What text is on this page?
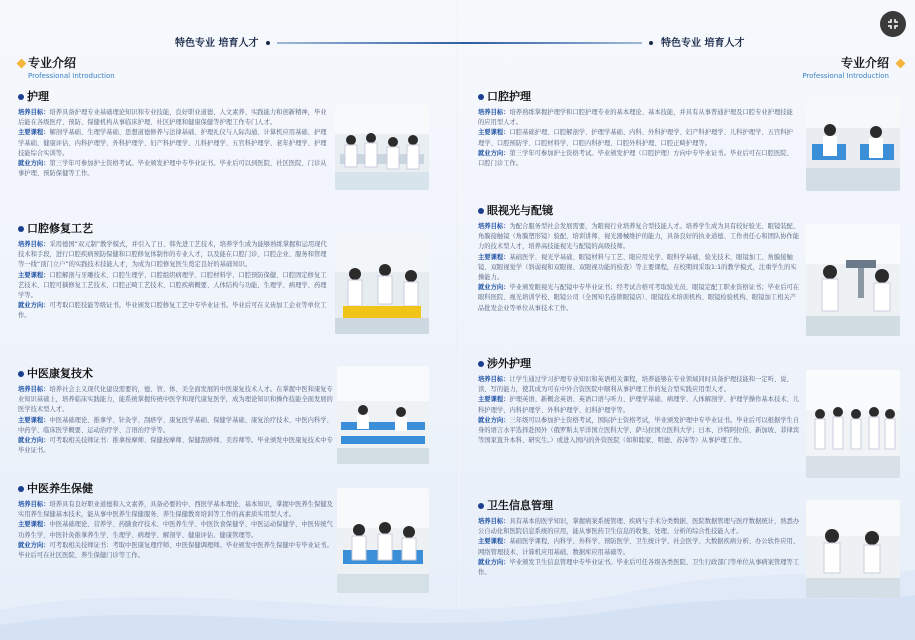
特色专业 培育人才	特色专业 培育人才
专业介绍
Professional Introduction
专业介绍
Professional Introduction
护理

培养目标：培养具备护理专业基础理论知识和专业技能，良好职业道德、人文素养、实践能力和创新精神，毕业后能在各级医疗、预防、保健机构从事临床护理、社区护理和健康保健等护理工作专门人才。

主要课程：解剖学基础、生理学基础、思想道德修养与法律基础、护理礼仪与人际沟通、计算机应用基础、护理学基础、健康评估、内科护理学、外科护理学、妇产科护理学、儿科护理学、五官科护理学、老年护理学、护理技能综合实训等。

就业方向：第三学年可参加护士资格考试。毕业颁发护理中专毕业证书。毕业后可以到医院、社区医院、门诊从事护理、预防保健等工作。

口腔修复工艺

培养目标：采用德国“双元制”教学模式，并引入了日、韩先进工艺技术，培养学生成为能够熟练掌握和运用现代技术和手段，进行口腔疾病预防保健和口腔修复体制作的专业人才，以及能在口腔门诊、口腔企业、服务和管理等一线“顶门立户”的实践技术技能人才，为成为口腔修复医生奠定良好的基础知识。

主要课程：口腔解剖与牙雕技术、口腔生理学、口腔组织病理学、口腔材料学、口腔预防保健、口腔固定修复工艺技术、口腔可摘修复工艺技术、口腔正畸工艺技术、口腔疾病概要、人体结构与功能、生理学、病理学、药理学等。

就业方向：可考取口腔技能等级证书。毕业颁发口腔修复工艺中专毕业证书。毕业后可在义齿加工企业等单位工作。

中医康复技术

培养目标：培养社会主义现代化建设需要的，德、智、体、美全面发展的中医康复技术人才。在掌握中医和康复专业知识基础上，培养临床实践能力，能系统掌握传统中医学和现代康复医学，成为理论知识和操作技能全面发展的医学技术型人才。

主要课程：中医基础理论、推拿学、针灸学、刮痧学、康复医学基础、保健学基础、康复治疗技术、中医内科学、中药学、临床医学概要、运动治疗学、言语治疗学等。

就业方向：可考取相关技师证书：推拿按摩师、保健按摩师、保健刮痧师、美容师等。毕业颁发中医康复技术中专毕业证书。

中医养生保健

培养目标：培养具有良好职业道德和人文素养，具备必要的中、西医学基本理论、基本知识，掌握中医养生保健及实用养生保健基本技术，能从事中医养生保健服务、养生保健教育培训等工作的高素质实用型人才。

主要课程：中医基础理论、营养学、药膳食疗技术、中医养生学、中医饮食保健学、中医运动保健学、中医传统气功养生学、中医针灸推拿养生学、生理学、病理学、解剖学、健康评估、健康管理等。

就业方向：可考取相关技师证书：考取中医康复理疗师、中医保健调理师。毕业颁发中医养生保健中专毕业证书。毕业后可在社区医院、养生保健门诊等工作。

口腔护理

培养目标：培养熟练掌握护理学和口腔护理专业的基本理论、基本技能，并具有从事普通护理及口腔专业护理技能的应用型人才。

主要课程：口腔基础护理、口腔解剖学、护理学基础、内科、外科护理学、妇产科护理学、儿科护理学、五官科护理学、口腔预防学、口腔材料学、口腔内科护理、口腔外科护理、口腔正畸护理等。

就业方向：第三学年可参加护士资格考试。毕业颁发护理（口腔护理）方向中专毕业证书。毕业后可在口腔医院、口腔门诊工作。

眼视光与配镜

培养目标：为配合服务型社会发展需要，为眼视行业培养复合型技能人才。培养学生成为具有较好验光、眼镜装配、角膜接触镜（角膜塑形镜）验配、培训讲师、视光器械维护的能力，具备良好的执业道德、工作责任心和团队协作能力的技术型人才，培养高技能视光与配镜的高级技师。

主要课程：基础医学、视光学基础、眼镜材料与工艺、眼应用光学、眼科学基础、验光技术、眼镜加工、角膜接触镜、双眼视觉学（斜弱视和双眼视、双眼视功能的检查）等主要课程，在校期间采取1:1的教学模式，注重学生的实操能力。

就业方向：毕业颁发眼视光与配镜中专毕业证书；经考试合格可考取验光员、眼镜定配工职业资格证书；毕业后可在眼科医院、视光培训学校、眼镜公司（全国知名连锁眼镜店）、眼镜技术培训机构、眼镜检验机构、眼镜加工相关产品批发企业等单位从事技术工作。

涉外护理

培养目标：让学生通过学习护理专业知识和英语相关课程，培养能够在专业领域同时具备护理技能和一定听、说、读、写的能力，使其成为可在中外合资医院中顺利从事护理工作的复合型实践应用型人才。

主要课程：护理英语、新概念英语、英语口语与听力、护理学基础、病理学、人体解剖学、护理学操作基本技术、儿科护理学、内科护理学、外科护理学、妇科护理学等。

就业方向：三年级可以参加护士资格考试，国际护士资格考试，毕业颁发护理中专毕业证书。毕业后可以根据学生自身的语言水平选择赴国外（俄罗斯太平洋国立医科大学、萨马拉国立医科大学；日本、沙特阿拉伯、新加坡、菲律宾等国家直升本科、研究生。）或进入国内的外资医院（如和睦家、明德、苏沛等）从事护理工作。

卫生信息管理

培养目标：具有基本的医学知识，掌握病案系统管理、疾病与手术分类数据、医院数据管理与医疗数据统计，熟悉办公自动化和医院信息系统的应用，能从事医药卫生信息的收集、处理、分析的综合性技能人才。

主要课程：基础医学课程、内科学、外科学、预防医学、卫生统计学、社会医学、大数据疾病分析、办公软件应用、网络管理技术、计算机应用基础、数据库应用基础等。

就业方向：毕业颁发卫生信息管理中专毕业证书。毕业后可任各级各类医院、卫生行政部门等单位从事病案管理等工作。
